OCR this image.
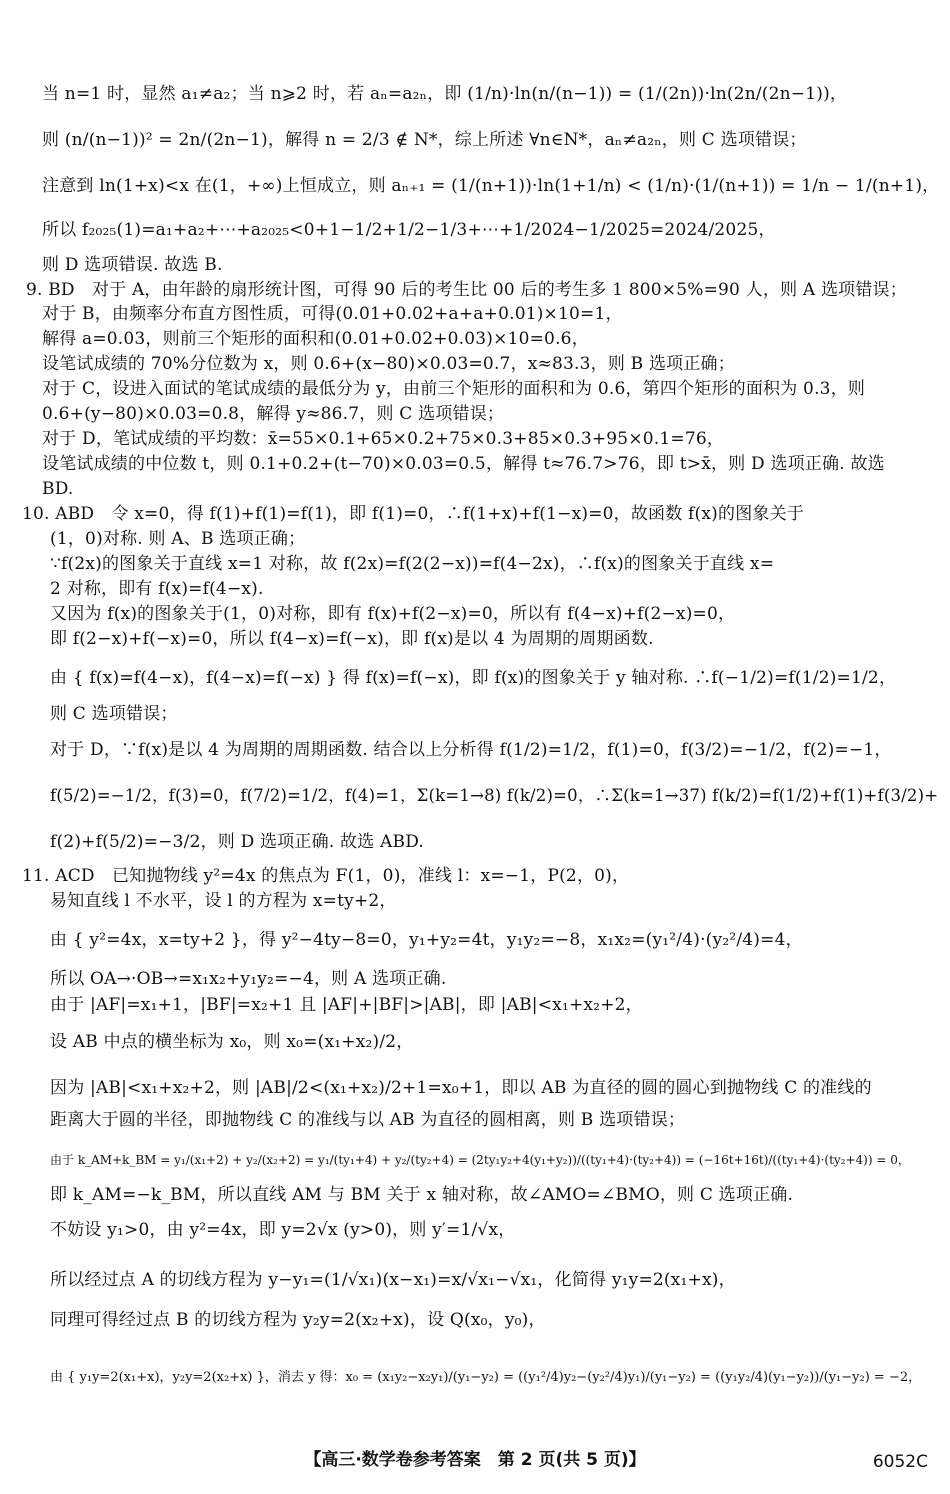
当 n=1 时，显然 a₁≠a₂；当 n⩾2 时，若 aₙ=a₂ₙ，即 (1/n)·ln(n/(n−1)) = (1/(2n))·ln(2n/(2n−1))，
则 (n/(n−1))² = 2n/(2n−1)，解得 n = 2/3 ∉ N*，综上所述 ∀n∈N*，aₙ≠a₂ₙ，则 C 选项错误；
注意到 ln(1+x)<x 在(1，+∞)上恒成立，则 aₙ₊₁ = (1/(n+1))·ln(1+1/n) < (1/n)·(1/(n+1)) = 1/n − 1/(n+1)，
所以 f₂₀₂₅(1)=a₁+a₂+⋯+a₂₀₂₅<0+1−1/2+1/2−1/3+⋯+1/2024−1/2025=2024/2025，
则 D 选项错误. 故选 B.
9. BD　对于 A，由年龄的扇形统计图，可得 90 后的考生比 00 后的考生多 1 800×5%=90 人，则 A 选项错误；
对于 B，由频率分布直方图性质，可得(0.01+0.02+a+a+0.01)×10=1，
解得 a=0.03，则前三个矩形的面积和(0.01+0.02+0.03)×10=0.6，
设笔试成绩的 70%分位数为 x，则 0.6+(x−80)×0.03=0.7，x≈83.3，则 B 选项正确；
对于 C，设进入面试的笔试成绩的最低分为 y，由前三个矩形的面积和为 0.6，第四个矩形的面积为 0.3，则
0.6+(y−80)×0.03=0.8，解得 y≈86.7，则 C 选项错误；
对于 D，笔试成绩的平均数：x̄=55×0.1+65×0.2+75×0.3+85×0.3+95×0.1=76，
设笔试成绩的中位数 t，则 0.1+0.2+(t−70)×0.03=0.5，解得 t≈76.7>76，即 t>x̄，则 D 选项正确. 故选
BD.
10. ABD　令 x=0，得 f(1)+f(1)=f(1)，即 f(1)=0，∴f(1+x)+f(1−x)=0，故函数 f(x)的图象关于
(1，0)对称. 则 A、B 选项正确；
∵f(2x)的图象关于直线 x=1 对称，故 f(2x)=f(2(2−x))=f(4−2x)，∴f(x)的图象关于直线 x=
2 对称，即有 f(x)=f(4−x).
又因为 f(x)的图象关于(1，0)对称，即有 f(x)+f(2−x)=0，所以有 f(4−x)+f(2−x)=0，
即 f(2−x)+f(−x)=0，所以 f(4−x)=f(−x)，即 f(x)是以 4 为周期的周期函数.
由 { f(x)=f(4−x)，f(4−x)=f(−x) } 得 f(x)=f(−x)，即 f(x)的图象关于 y 轴对称. ∴f(−1/2)=f(1/2)=1/2，
则 C 选项错误；
对于 D，∵f(x)是以 4 为周期的周期函数. 结合以上分析得 f(1/2)=1/2，f(1)=0，f(3/2)=−1/2，f(2)=−1，
f(5/2)=−1/2，f(3)=0，f(7/2)=1/2，f(4)=1，Σ(k=1→8) f(k/2)=0，∴Σ(k=1→37) f(k/2)=f(1/2)+f(1)+f(3/2)+
f(2)+f(5/2)=−3/2，则 D 选项正确. 故选 ABD.
11. ACD　已知抛物线 y²=4x 的焦点为 F(1，0)，准线 l：x=−1，P(2，0)，
易知直线 l 不水平，设 l 的方程为 x=ty+2，
由 { y²=4x，x=ty+2 }，得 y²−4ty−8=0，y₁+y₂=4t，y₁y₂=−8，x₁x₂=(y₁²/4)·(y₂²/4)=4，
所以 OA→·OB→=x₁x₂+y₁y₂=−4，则 A 选项正确.
由于 |AF|=x₁+1，|BF|=x₂+1 且 |AF|+|BF|>|AB|，即 |AB|<x₁+x₂+2，
设 AB 中点的横坐标为 x₀，则 x₀=(x₁+x₂)/2，
因为 |AB|<x₁+x₂+2，则 |AB|/2<(x₁+x₂)/2+1=x₀+1，即以 AB 为直径的圆的圆心到抛物线 C 的准线的
距离大于圆的半径，即抛物线 C 的准线与以 AB 为直径的圆相离，则 B 选项错误；
由于 k_AM+k_BM = y₁/(x₁+2) + y₂/(x₂+2) = y₁/(ty₁+4) + y₂/(ty₂+4) = (2ty₁y₂+4(y₁+y₂))/((ty₁+4)·(ty₂+4)) = (−16t+16t)/((ty₁+4)·(ty₂+4)) = 0，
即 k_AM=−k_BM，所以直线 AM 与 BM 关于 x 轴对称，故∠AMO=∠BMO，则 C 选项正确.
不妨设 y₁>0，由 y²=4x，即 y=2√x (y>0)，则 y′=1/√x，
所以经过点 A 的切线方程为 y−y₁=(1/√x₁)(x−x₁)=x/√x₁−√x₁，化简得 y₁y=2(x₁+x)，
同理可得经过点 B 的切线方程为 y₂y=2(x₂+x)，设 Q(x₀，y₀)，
由 { y₁y=2(x₁+x)，y₂y=2(x₂+x) }，消去 y 得：x₀ = (x₁y₂−x₂y₁)/(y₁−y₂) = ((y₁²/4)y₂−(y₂²/4)y₁)/(y₁−y₂) = ((y₁y₂/4)(y₁−y₂))/(y₁−y₂) = −2，
【高三·数学卷参考答案　第 2 页(共 5 页)】	6052C
